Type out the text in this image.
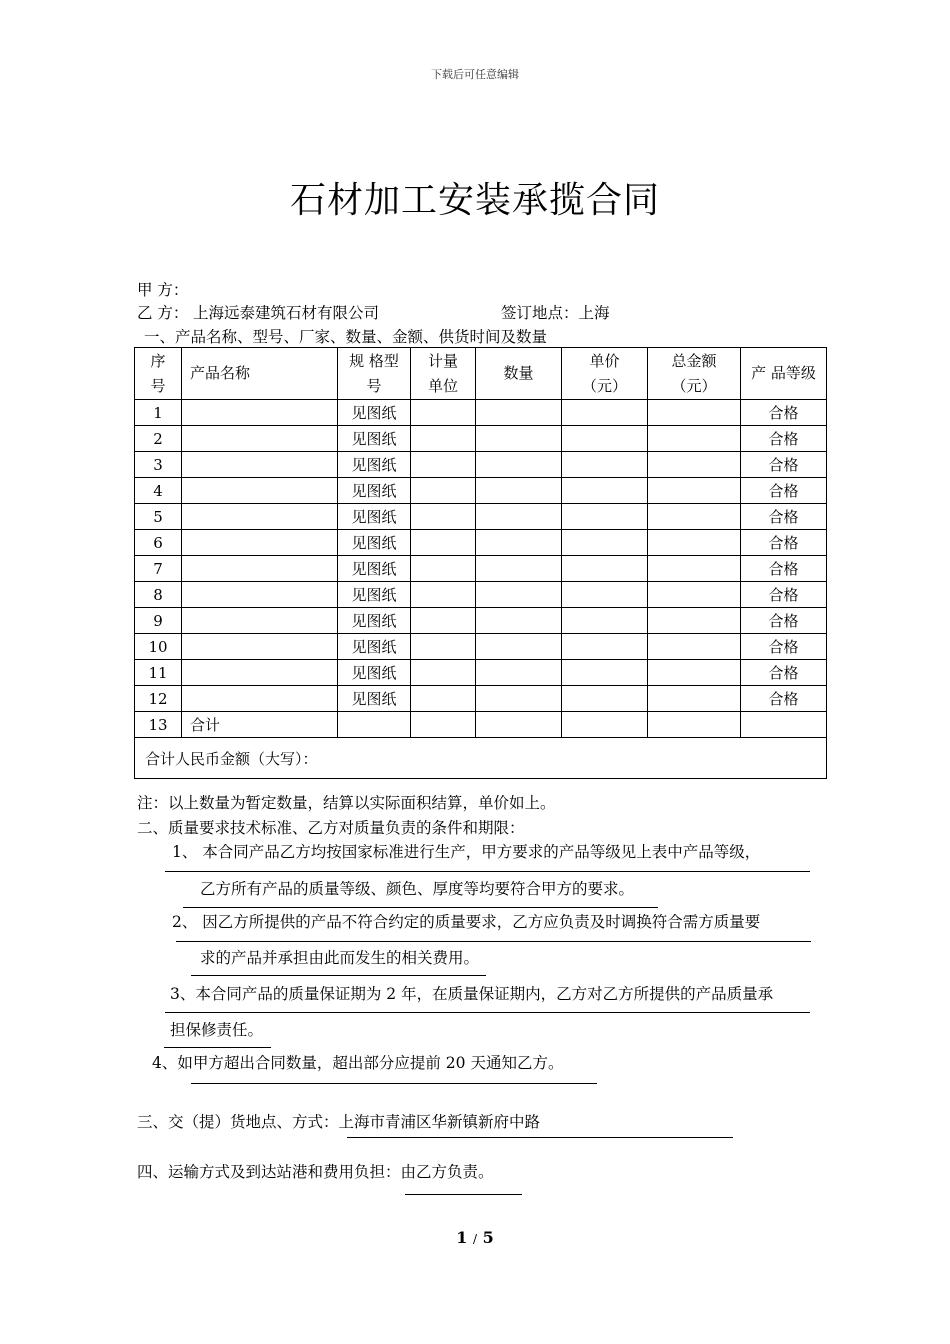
下载后可任意编辑
石材加工安装承揽合同
甲 方：
乙 方： 上海远泰建筑石材有限公司	签订地点：上海
一、产品名称、型号、厂家、数量、金额、供货时间及数量
序号	产品名称	规 格型号	计量单位	数量	单价（元）	总金额（元）	产 品等级
1		见图纸					合格
2		见图纸					合格
3		见图纸					合格
4		见图纸					合格
5		见图纸					合格
6		见图纸					合格
7		见图纸					合格
8		见图纸					合格
9		见图纸					合格
10		见图纸					合格
11		见图纸					合格
12		见图纸					合格
13	合计						
合计人民币金额（大写）：							
注：以上数量为暂定数量，结算以实际面积结算，单价如上。
二、质量要求技术标准、乙方对质量负责的条件和期限：
1、 本合同产品乙方均按国家标准进行生产，甲方要求的产品等级见上表中产品等级，
乙方所有产品的质量等级、颜色、厚度等均要符合甲方的要求。
2、 因乙方所提供的产品不符合约定的质量要求，乙方应负责及时调换符合需方质量要
求的产品并承担由此而发生的相关费用。
3、本合同产品的质量保证期为 2 年，在质量保证期内，乙方对乙方所提供的产品质量承
担保修责任。
4、如甲方超出合同数量，超出部分应提前 20 天通知乙方。
三、交（提）货地点、方式：上海市青浦区华新镇新府中路
四、运输方式及到达站港和费用负担：由乙方负责。
1 / 5
